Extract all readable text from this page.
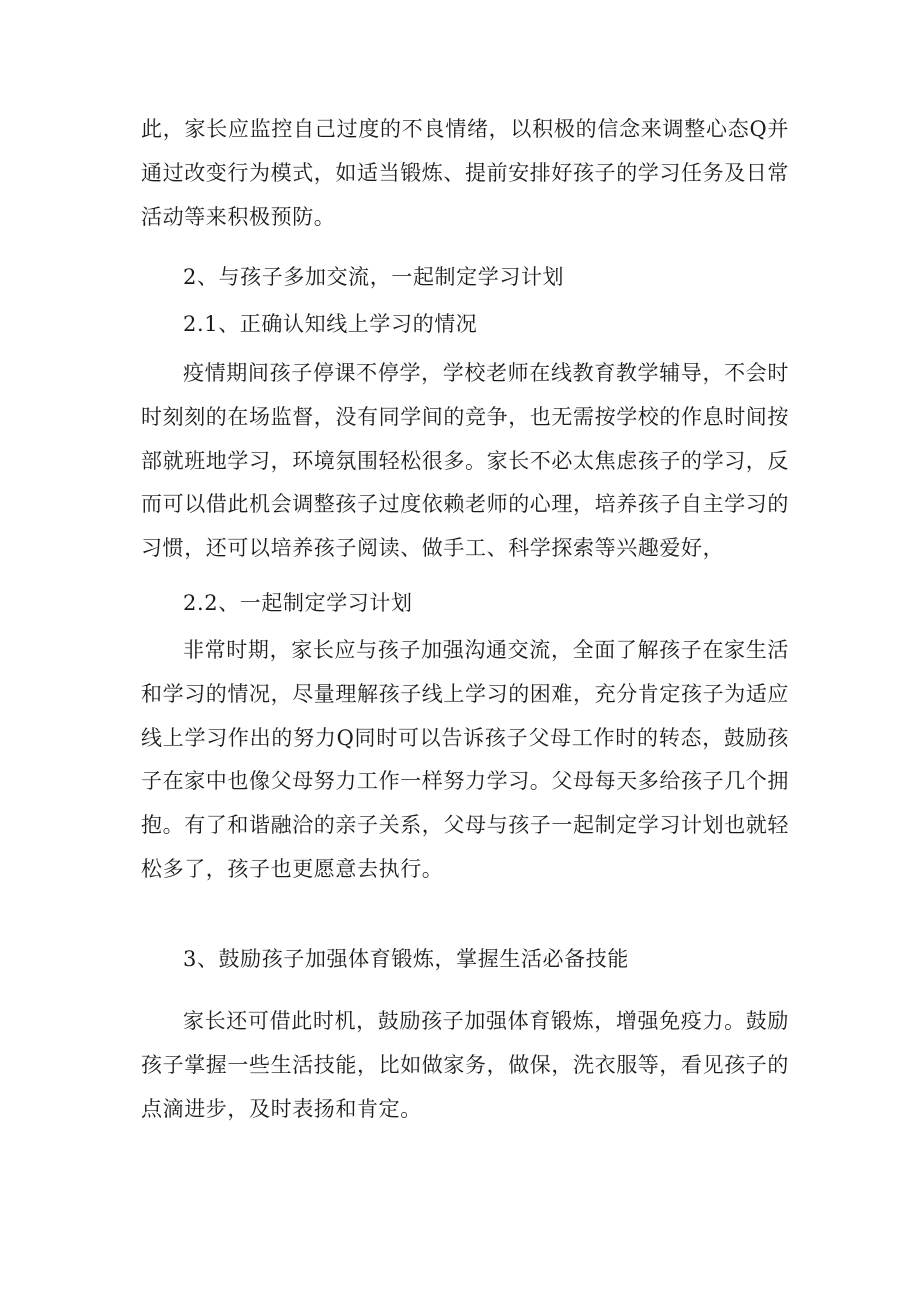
此，家长应监控自己过度的不良情绪，以积极的信念来调整心态Q并通过改变行为模式，如适当锻炼、提前安排好孩子的学习任务及日常活动等来积极预防。

2、与孩子多加交流，一起制定学习计划

2.1、正确认知线上学习的情况

疫情期间孩子停课不停学，学校老师在线教育教学辅导，不会时时刻刻的在场监督，没有同学间的竞争，也无需按学校的作息时间按部就班地学习，环境氛围轻松很多。家长不必太焦虑孩子的学习，反而可以借此机会调整孩子过度依赖老师的心理，培养孩子自主学习的习惯，还可以培养孩子阅读、做手工、科学探索等兴趣爱好，

2.2、一起制定学习计划

非常时期，家长应与孩子加强沟通交流，全面了解孩子在家生活和学习的情况，尽量理解孩子线上学习的困难，充分肯定孩子为适应线上学习作出的努力Q同时可以告诉孩子父母工作时的转态，鼓励孩子在家中也像父母努力工作一样努力学习。父母每天多给孩子几个拥抱。有了和谐融洽的亲子关系，父母与孩子一起制定学习计划也就轻松多了，孩子也更愿意去执行。

3、鼓励孩子加强体育锻炼，掌握生活必备技能

家长还可借此时机，鼓励孩子加强体育锻炼，增强免疫力。鼓励孩子掌握一些生活技能，比如做家务，做保，洗衣服等，看见孩子的点滴进步，及时表扬和肯定。
